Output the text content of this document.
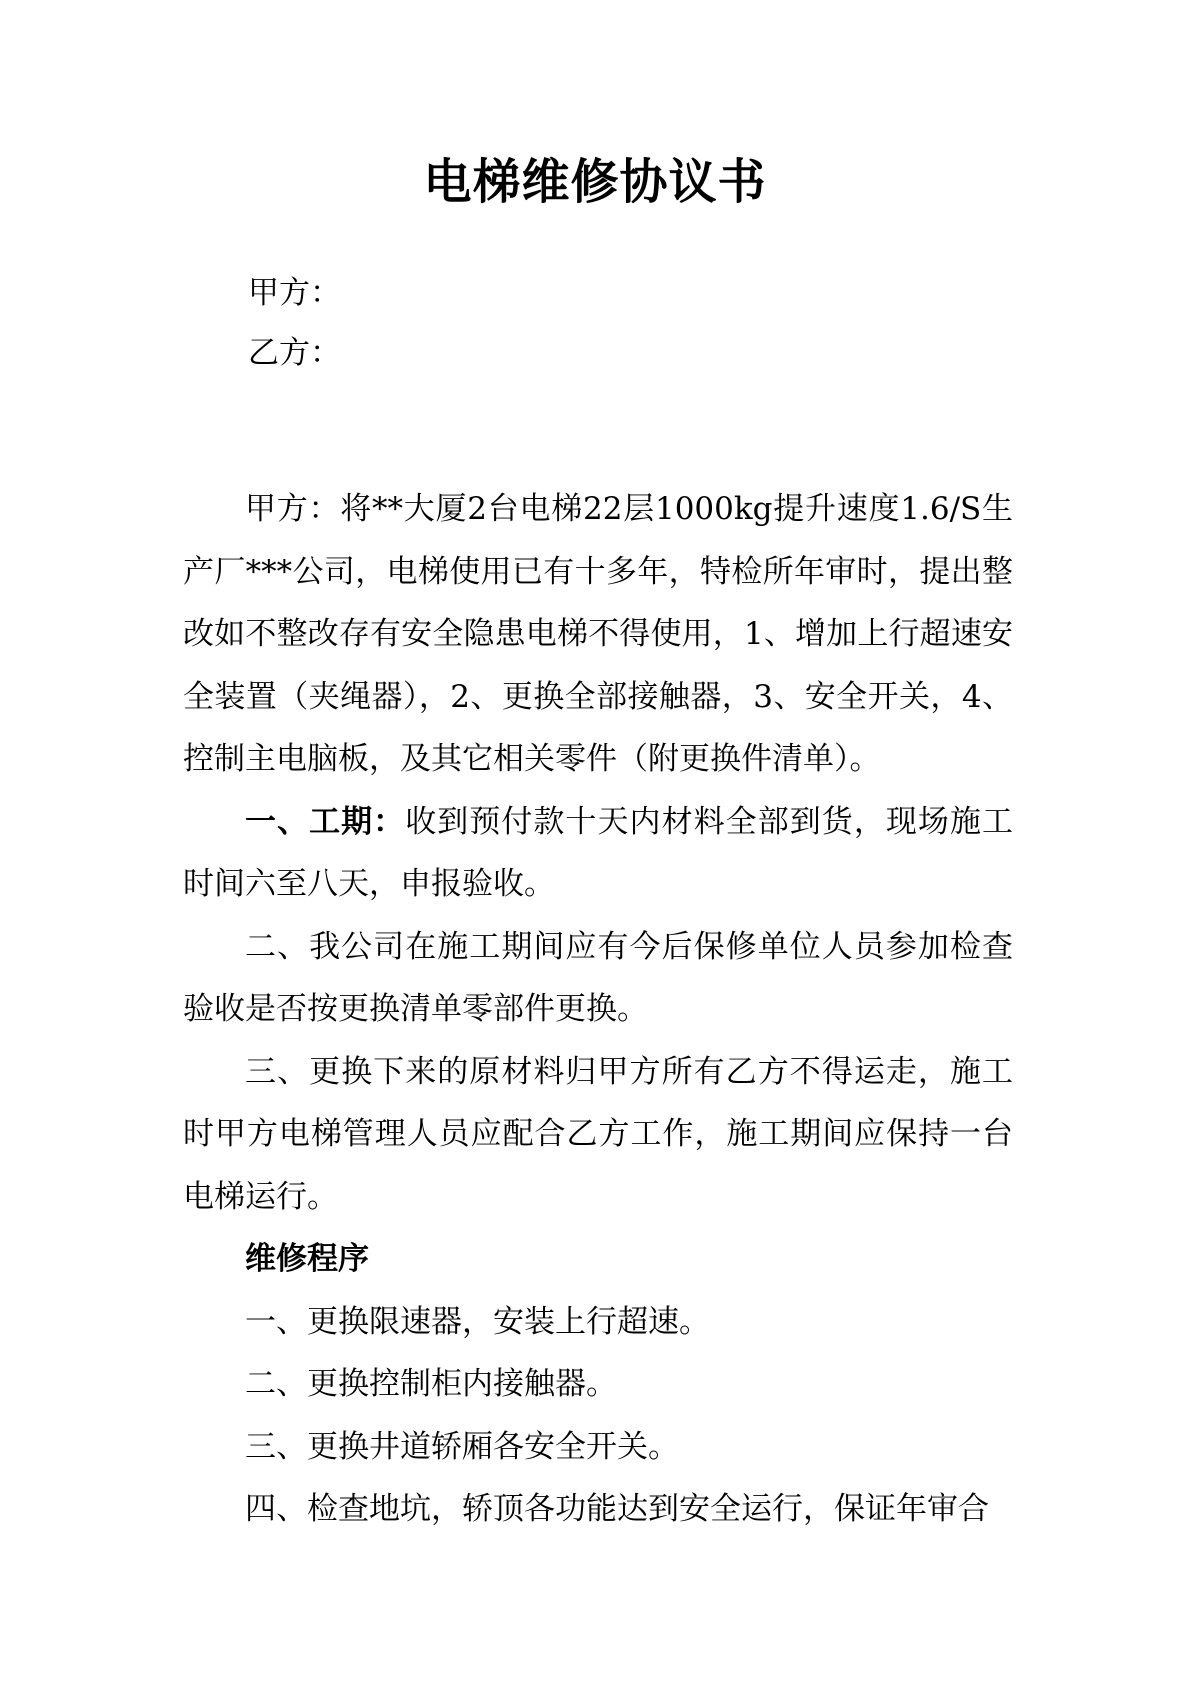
电梯维修协议书
甲方：
乙方：

甲方：将**大厦2台电梯22层1000kg提升速度1.6/S生产厂***公司，电梯使用已有十多年，特检所年审时，提出整改如不整改存有安全隐患电梯不得使用，1、增加上行超速安全装置（夹绳器），2、更换全部接触器，3、安全开关，4、控制主电脑板，及其它相关零件（附更换件清单）。

一、工期：收到预付款十天内材料全部到货，现场施工时间六至八天，申报验收。

二、我公司在施工期间应有今后保修单位人员参加检查验收是否按更换清单零部件更换。

三、更换下来的原材料归甲方所有乙方不得运走，施工时甲方电梯管理人员应配合乙方工作，施工期间应保持一台电梯运行。

维修程序

一、更换限速器，安装上行超速。

二、更换控制柜内接触器。

三、更换井道轿厢各安全开关。

四、检查地坑，轿顶各功能达到安全运行，保证年审合
